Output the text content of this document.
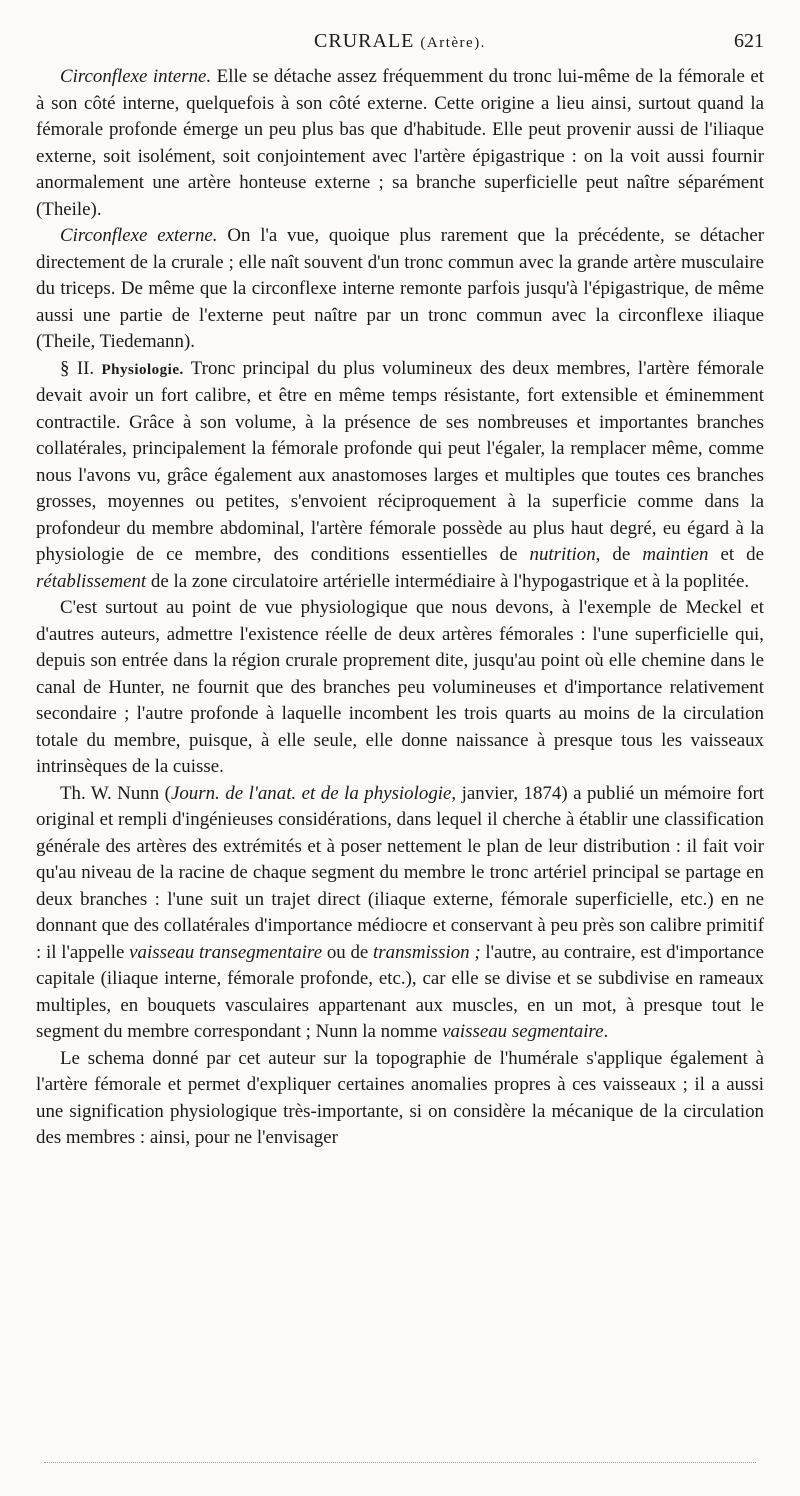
CRURALE (Artère).	621

Circonflexe interne. Elle se détache assez fréquemment du tronc lui-même de la fémorale et à son côté interne, quelquefois à son côté externe. Cette origine a lieu ainsi, surtout quand la fémorale profonde émerge un peu plus bas que d'habitude. Elle peut provenir aussi de l'iliaque externe, soit isolément, soit conjointement avec l'artère épigastrique : on la voit aussi fournir anormalement une artère honteuse externe ; sa branche superficielle peut naître séparément (Theile).

Circonflexe externe. On l'a vue, quoique plus rarement que la précédente, se détacher directement de la crurale ; elle naît souvent d'un tronc commun avec la grande artère musculaire du triceps. De même que la circonflexe interne remonte parfois jusqu'à l'épigastrique, de même aussi une partie de l'externe peut naître par un tronc commun avec la circonflexe iliaque (Theile, Tiedemann).

§ II. Physiologie. Tronc principal du plus volumineux des deux membres, l'artère fémorale devait avoir un fort calibre, et être en même temps résistante, fort extensible et éminemment contractile. Grâce à son volume, à la présence de ses nombreuses et importantes branches collatérales, principalement la fémorale profonde qui peut l'égaler, la remplacer même, comme nous l'avons vu, grâce également aux anastomoses larges et multiples que toutes ces branches grosses, moyennes ou petites, s'envoient réciproquement à la superficie comme dans la profondeur du membre abdominal, l'artère fémorale possède au plus haut degré, eu égard à la physiologie de ce membre, des conditions essentielles de nutrition, de maintien et de rétablissement de la zone circulatoire artérielle intermédiaire à l'hypogastrique et à la poplitée.

C'est surtout au point de vue physiologique que nous devons, à l'exemple de Meckel et d'autres auteurs, admettre l'existence réelle de deux artères fémorales : l'une superficielle qui, depuis son entrée dans la région crurale proprement dite, jusqu'au point où elle chemine dans le canal de Hunter, ne fournit que des branches peu volumineuses et d'importance relativement secondaire ; l'autre profonde à laquelle incombent les trois quarts au moins de la circulation totale du membre, puisque, à elle seule, elle donne naissance à presque tous les vaisseaux intrinsèques de la cuisse.

Th. W. Nunn (Journ. de l'anat. et de la physiologie, janvier, 1874) a publié un mémoire fort original et rempli d'ingénieuses considérations, dans lequel il cherche à établir une classification générale des artères des extrémités et à poser nettement le plan de leur distribution : il fait voir qu'au niveau de la racine de chaque segment du membre le tronc artériel principal se partage en deux branches : l'une suit un trajet direct (iliaque externe, fémorale superficielle, etc.) en ne donnant que des collatérales d'importance médiocre et conservant à peu près son calibre primitif : il l'appelle vaisseau transegmentaire ou de transmission ; l'autre, au contraire, est d'importance capitale (iliaque interne, fémorale profonde, etc.), car elle se divise et se subdivise en rameaux multiples, en bouquets vasculaires appartenant aux muscles, en un mot, à presque tout le segment du membre correspondant ; Nunn la nomme vaisseau segmentaire.

Le schema donné par cet auteur sur la topographie de l'humérale s'applique également à l'artère fémorale et permet d'expliquer certaines anomalies propres à ces vaisseaux ; il a aussi une signification physiologique très-importante, si on considère la mécanique de la circulation des membres : ainsi, pour ne l'envisager
